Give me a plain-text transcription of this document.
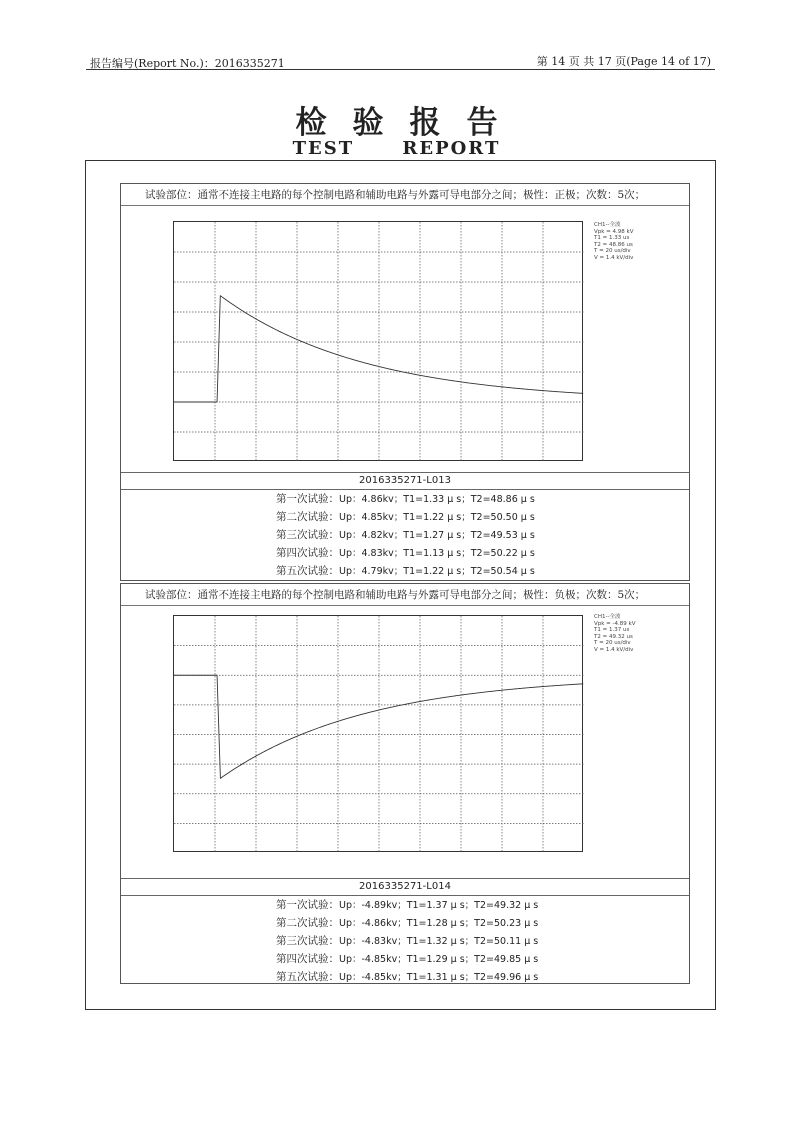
报告编号(Report No.)：2016335271	第 14 页 共 17 页(Page 14 of 17)
检验报告
TEST REPORT
试验部位：通常不连接主电路的每个控制电路和辅助电路与外露可导电部分之间；极性：正极；次数：5次；
CH1--全波
Vpk = 4.98 kV
T1 = 1.33 us
T2 = 48.86 us
T = 20 us/div
V = 1.4 kV/div
2016335271-L013
第一次试验：Up：4.86kv；T1=1.33 μ s；T2=48.86 μ s
第二次试验：Up：4.85kv；T1=1.22 μ s；T2=50.50 μ s
第三次试验：Up：4.82kv；T1=1.27 μ s；T2=49.53 μ s
第四次试验：Up：4.83kv；T1=1.13 μ s；T2=50.22 μ s
第五次试验：Up：4.79kv；T1=1.22 μ s；T2=50.54 μ s
试验部位：通常不连接主电路的每个控制电路和辅助电路与外露可导电部分之间；极性：负极；次数：5次；
CH1--全波
Vpk = -4.89 kV
T1 = 1.37 us
T2 = 49.32 us
T = 20 us/div
V = 1.4 kV/div
2016335271-L014
第一次试验：Up：-4.89kv；T1=1.37 μ s；T2=49.32 μ s
第二次试验：Up：-4.86kv；T1=1.28 μ s；T2=50.23 μ s
第三次试验：Up：-4.83kv；T1=1.32 μ s；T2=50.11 μ s
第四次试验：Up：-4.85kv；T1=1.29 μ s；T2=49.85 μ s
第五次试验：Up：-4.85kv；T1=1.31 μ s；T2=49.96 μ s
